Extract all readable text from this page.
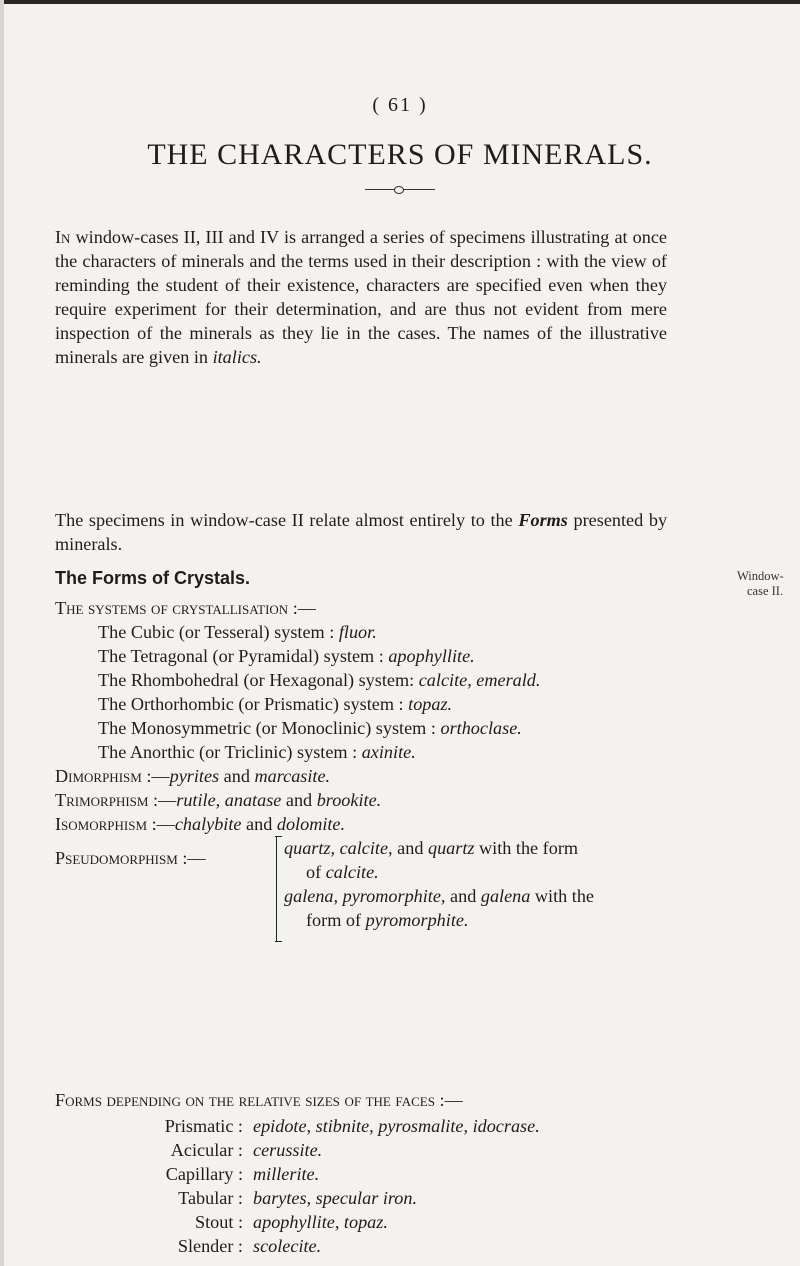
( 61 )
THE CHARACTERS OF MINERALS.
In window-cases II, III and IV is arranged a series of specimens illustrating at once the characters of minerals and the terms used in their description : with the view of reminding the student of their existence, characters are specified even when they require experiment for their determination, and are thus not evident from mere inspection of the minerals as they lie in the cases. The names of the illustrative minerals are given in italics.
The specimens in window-case II relate almost entirely to the Forms presented by minerals.
The Forms of Crystals.	Window-
case II.
The systems of crystallisation :—
The Cubic (or Tesseral) system : fluor.
The Tetragonal (or Pyramidal) system : apophyllite.
The Rhombohedral (or Hexagonal) system: calcite, emerald.
The Orthorhombic (or Prismatic) system : topaz.
The Monosymmetric (or Monoclinic) system : orthoclase.
The Anorthic (or Triclinic) system : axinite.
Dimorphism :—pyrites and marcasite.
Trimorphism :—rutile, anatase and brookite.
Isomorphism :—chalybite and dolomite.
Pseudomorphism :—	quartz, calcite, and quartz with the form
of calcite.
galena, pyromorphite, and galena with the
form of pyromorphite.
Forms depending on the relative sizes of the faces :—
Prismatic : epidote, stibnite, pyrosmalite, idocrase.
Acicular : cerussite.
Capillary : millerite.
Tabular : barytes, specular iron.
Stout : apophyllite, topaz.
Slender : scolecite.
